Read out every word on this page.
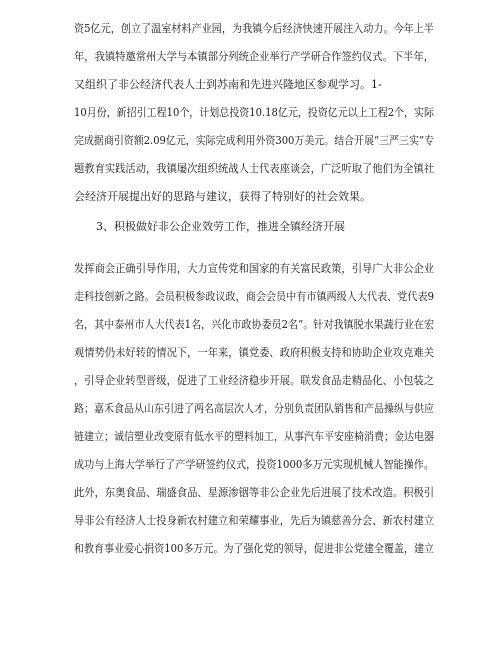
资5亿元，创立了温室材料产业园，为我镇今后经济快速开展注入动力。今年上半
年，我镇特邀常州大学与本镇部分列统企业举行产学研合作签约仪式。下半年，
又组织了非公经济代表人士到苏南和先进兴隆地区参观学习。1-
10月份，新招引工程10个，计划总投资10.18亿元，投资亿元以上工程2个，实际
完成据商引资额2.09亿元，实际完成利用外资300万美元。结合开展“三严三实”专
题教育实践活动，我镇屡次组织统战人士代表座谈会，广泛听取了他们为全镇社
会经济开展提出好的思路与建议，获得了特别好的社会效果。
3、积极做好非公企业效劳工作，推进全镇经济开展
发挥商会正确引导作用，大力宣传党和国家的有关富民政策，引导广大非公企业
走科技创新之路。会员积极参政议政，商会会员中有市镇两级人大代表、党代表9
名，其中泰州市人大代表1名，兴化市政协委员2名”。针对我镇脱水果蔬行业在宏
观情势仍未好转的情况下，一年来，镇党委、政府积极支持和协助企业攻克难关
，引导企业转型晋级，促进了工业经济稳步开展。联发食品走精品化、小包装之
路；嘉禾食品从山东引进了两名高层次人才，分别负责团队销售和产品操纵与供应
链建立；诚信塑业改变原有低水平的塑料加工，从事汽车平安座椅消费；金达电器
成功与上海大学举行了产学研签约仪式，投资1000多万元实现机械人智能操作。
此外，东奥食品、瑞盛食品、星源渗铟等非公企业先后进展了技术改造。积极引
导非公有经济人士投身新农村建立和荣耀事业，先后为镇慈善分会、新农村建立
和教育事业爱心捐资100多万元。为了强化党的领导，促进非公党建全覆盖，建立
